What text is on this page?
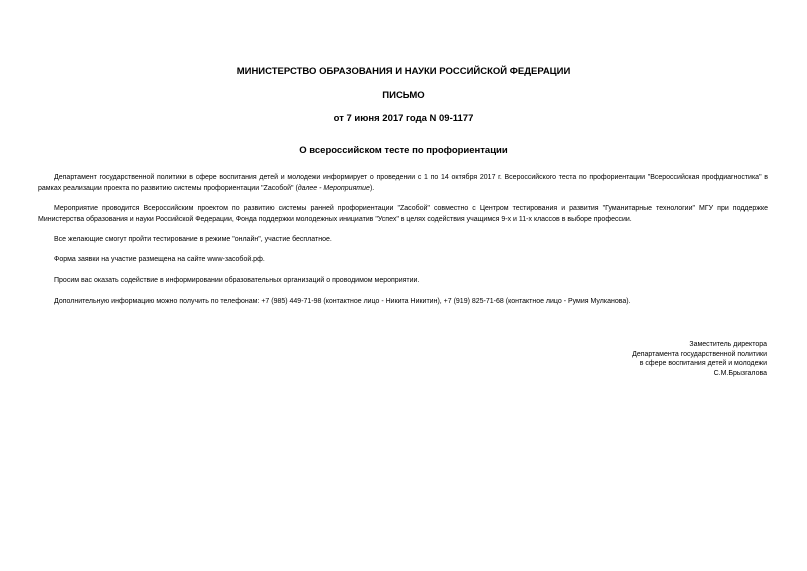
МИНИСТЕРСТВО ОБРАЗОВАНИЯ И НАУКИ РОССИЙСКОЙ ФЕДЕРАЦИИ
ПИСЬМО
от 7 июня 2017 года N 09-1177
О всероссийском тесте по профориентации
Департамент государственной политики в сфере воспитания детей и молодежи информирует о проведении с 1 по 14 октября 2017 г. Всероссийского теста по профориентации "Всероссийская профдиагностика" в рамках реализации проекта по развитию системы профориентации "Zасобой" (далее - Мероприятие).
Мероприятие проводится Всероссийским проектом по развитию системы ранней профориентации "Zасобой" совместно с Центром тестирования и развития "Гуманитарные технологии" МГУ при поддержке Министерства образования и науки Российской Федерации, Фонда поддержки молодежных инициатив "Успех" в целях содействия учащимся 9-х и 11-х классов в выборе профессии.
Все желающие смогут пройти тестирование в режиме "онлайн", участие бесплатное.
Форма заявки на участие размещена на сайте www-засобой.рф.
Просим вас оказать содействие в информировании образовательных организаций о проводимом мероприятии.
Дополнительную информацию можно получить по телефонам: +7 (985) 449-71-98 (контактное лицо - Никита Никитин), +7 (919) 825-71-68 (контактное лицо - Румия Мулканова).
Заместитель директора
Департамента государственной политики
в сфере воспитания детей и молодежи
С.М.Брызгалова
